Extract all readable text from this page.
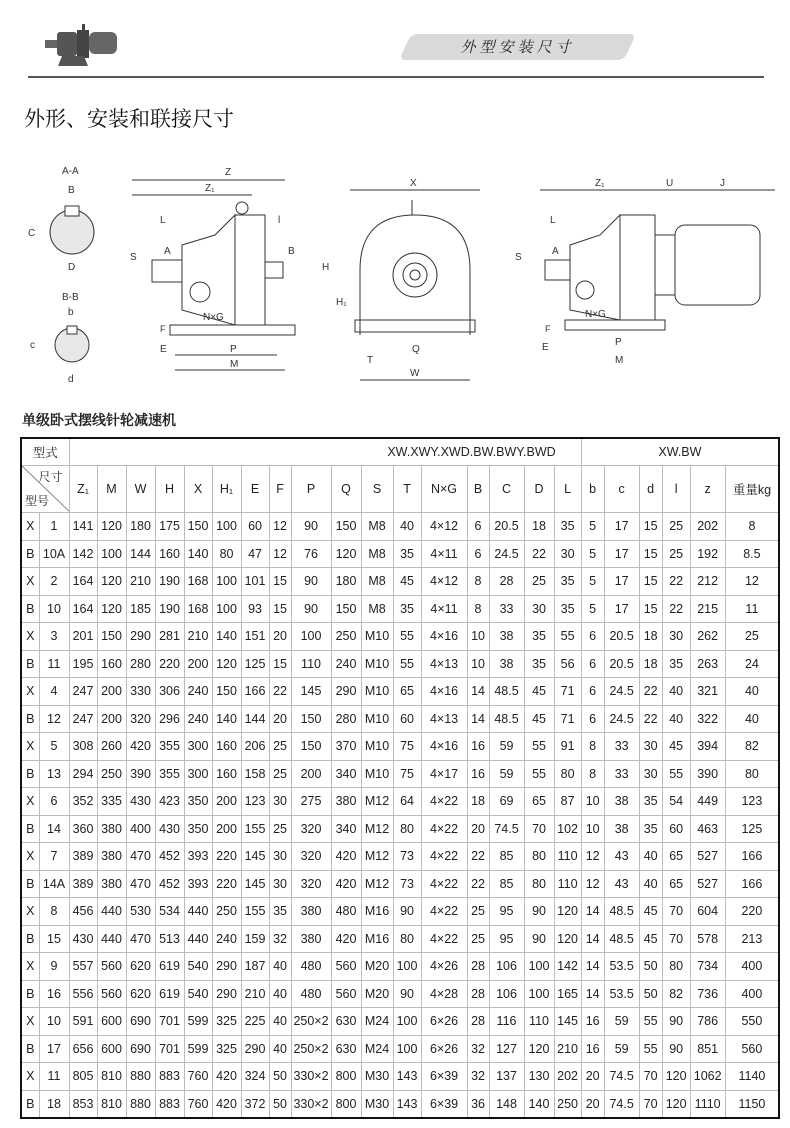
外型安装尺寸
外形、安装和联接尺寸
A-A
B
C
D
B-B
b
c
d
Z
Z₁
L	l
S
A	B
N×G
F
E	P
M
X
H
H₁
Q
T
W
Z₁	U	J
L
S
A
N×G
F
E	P
M
单级卧式摆线针轮减速机
型式		XW.XWY.XWD.BW.BWY.BWD																	XW.BW					

尺寸
型号		Z₁	M	W	H	X	H₁	E	F	P	Q	S	T	N×G	B	C	D	L	b	c	d	l	z	重量kg
X	1	141	120	180	175	150	100	60	12	90	150	M8	40	4×12	6	20.5	18	35	5	17	15	25	202	8
B	10A	142	100	144	160	140	80	47	12	76	120	M8	35	4×11	6	24.5	22	30	5	17	15	25	192	8.5
X	2	164	120	210	190	168	100	101	15	90	180	M8	45	4×12	8	28	25	35	5	17	15	22	212	12
B	10	164	120	185	190	168	100	93	15	90	150	M8	35	4×11	8	33	30	35	5	17	15	22	215	11
X	3	201	150	290	281	210	140	151	20	100	250	M10	55	4×16	10	38	35	55	6	20.5	18	30	262	25
B	11	195	160	280	220	200	120	125	15	110	240	M10	55	4×13	10	38	35	56	6	20.5	18	35	263	24
X	4	247	200	330	306	240	150	166	22	145	290	M10	65	4×16	14	48.5	45	71	6	24.5	22	40	321	40
B	12	247	200	320	296	240	140	144	20	150	280	M10	60	4×13	14	48.5	45	71	6	24.5	22	40	322	40
X	5	308	260	420	355	300	160	206	25	150	370	M10	75	4×16	16	59	55	91	8	33	30	45	394	82
B	13	294	250	390	355	300	160	158	25	200	340	M10	75	4×17	16	59	55	80	8	33	30	55	390	80
X	6	352	335	430	423	350	200	123	30	275	380	M12	64	4×22	18	69	65	87	10	38	35	54	449	123
B	14	360	380	400	430	350	200	155	25	320	340	M12	80	4×22	20	74.5	70	102	10	38	35	60	463	125
X	7	389	380	470	452	393	220	145	30	320	420	M12	73	4×22	22	85	80	110	12	43	40	65	527	166
B	14A	389	380	470	452	393	220	145	30	320	420	M12	73	4×22	22	85	80	110	12	43	40	65	527	166
X	8	456	440	530	534	440	250	155	35	380	480	M16	90	4×22	25	95	90	120	14	48.5	45	70	604	220
B	15	430	440	470	513	440	240	159	32	380	420	M16	80	4×22	25	95	90	120	14	48.5	45	70	578	213
X	9	557	560	620	619	540	290	187	40	480	560	M20	100	4×26	28	106	100	142	14	53.5	50	80	734	400
B	16	556	560	620	619	540	290	210	40	480	560	M20	90	4×28	28	106	100	165	14	53.5	50	82	736	400
X	10	591	600	690	701	599	325	225	40	250×2	630	M24	100	6×26	28	116	110	145	16	59	55	90	786	550
B	17	656	600	690	701	599	325	290	40	250×2	630	M24	100	6×26	32	127	120	210	16	59	55	90	851	560
X	11	805	810	880	883	760	420	324	50	330×2	800	M30	143	6×39	32	137	130	202	20	74.5	70	120	1062	1140
B	18	853	810	880	883	760	420	372	50	330×2	800	M30	143	6×39	36	148	140	250	20	74.5	70	120	1110	1150
